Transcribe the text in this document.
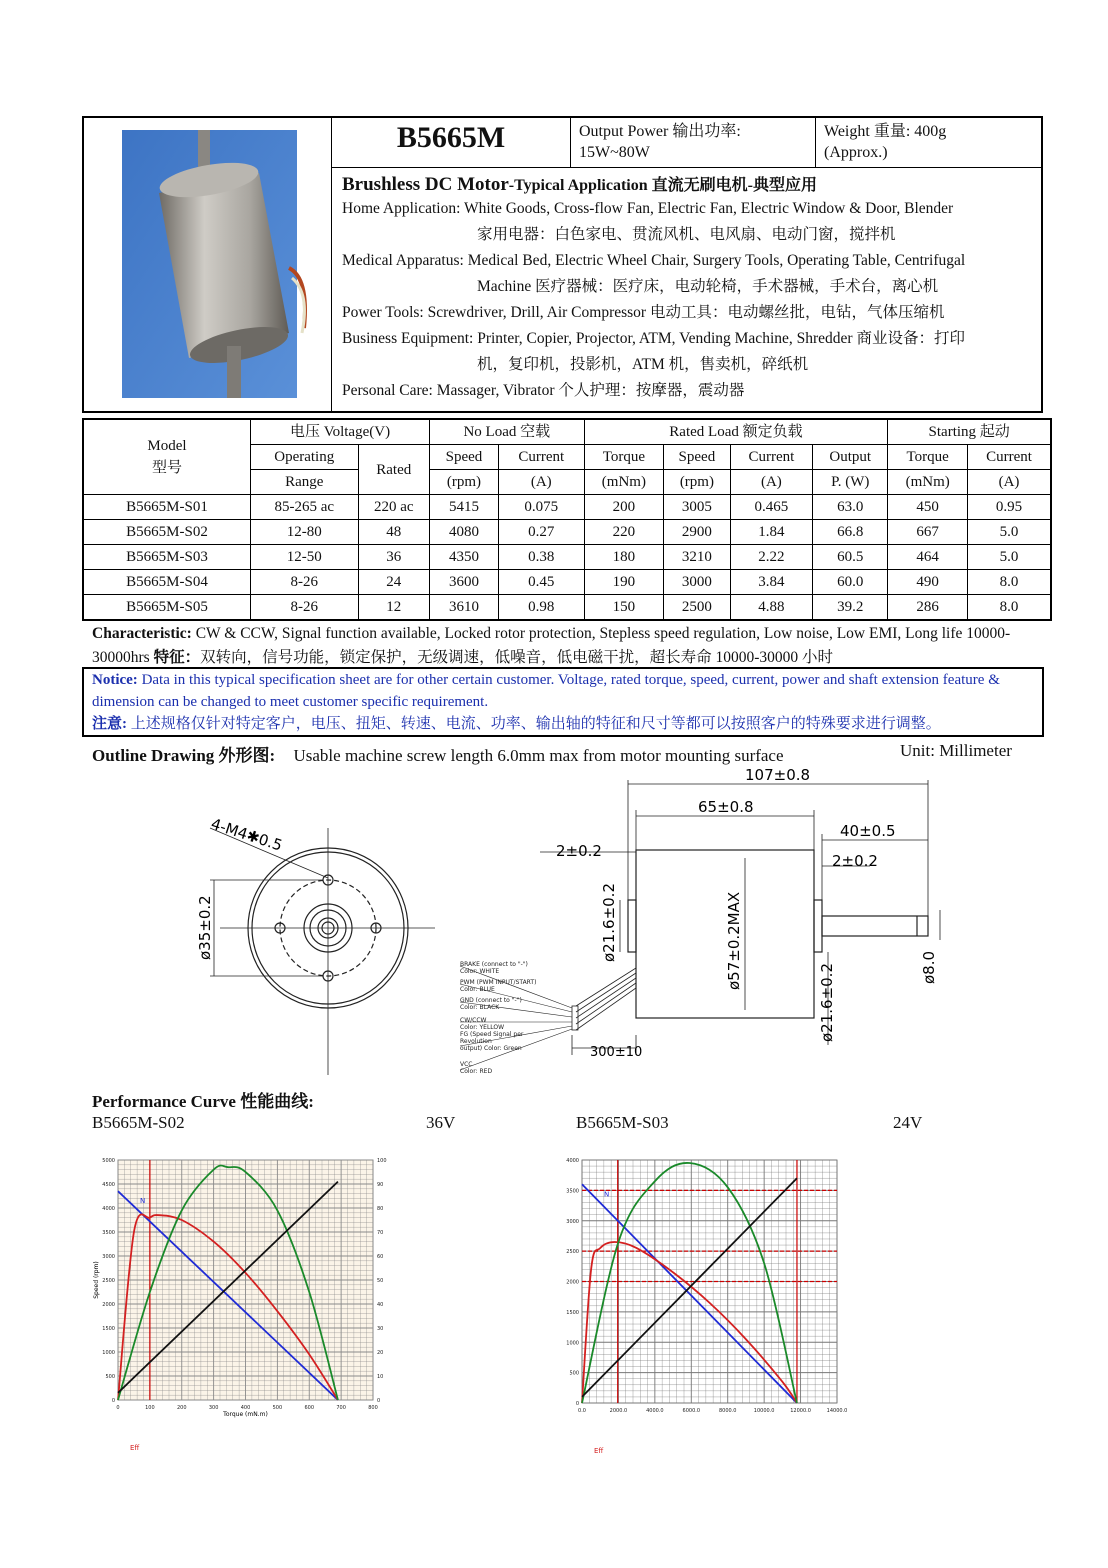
B5665M	Output Power 输出功率:
15W~80W

Weight 重量: 400g
(Approx.)

Brushless DC Motor-Typical Application 直流无刷电机-典型应用
Home Application: White Goods, Cross-flow Fan, Electric Fan, Electric Window & Door, Blender
家用电器：白色家电、贯流风机、电风扇、电动门窗，搅拌机
Medical Apparatus: Medical Bed, Electric Wheel Chair, Surgery Tools, Operating Table, Centrifugal
Machine 医疗器械：医疗床，电动轮椅，手术器械，手术台，离心机
Power Tools: Screwdriver, Drill, Air Compressor 电动工具：电动螺丝批，电钻，气体压缩机
Business Equipment: Printer, Copier, Projector, ATM, Vending Machine, Shredder 商业设备：打印
机，复印机，投影机，ATM 机，售卖机，碎纸机
Personal Care: Massager, Vibrator 个人护理：按摩器，震动器
Model
型号	电压 Voltage(V)		No Load 空载		Rated Load 额定负载				Starting 起动	
	Operating	Rated	Speed	Current	Torque	Speed	Current	Output	Torque	Current
	Range		(rpm)	(A)	(mNm)	(rpm)	(A)	P. (W)	(mNm)	(A)
B5665M-S01	85-265 ac	220 ac	5415	0.075	200	3005	0.465	63.0	450	0.95
B5665M-S02	12-80	48	4080	0.27	220	2900	1.84	66.8	667	5.0
B5665M-S03	12-50	36	4350	0.38	180	3210	2.22	60.5	464	5.0
B5665M-S04	8-26	24	3600	0.45	190	3000	3.84	60.0	490	8.0
B5665M-S05	8-26	12	3610	0.98	150	2500	4.88	39.2	286	8.0
Characteristic: CW & CCW, Signal function available, Locked rotor protection, Stepless speed regulation, Low noise, Low EMI, Long life 10000-30000hrs 特征：双转向，信号功能，锁定保护，无级调速，低噪音，低电磁干扰，超长寿命 10000-30000 小时
Notice: Data in this typical specification sheet are for other certain customer. Voltage, rated torque, speed, current, power and shaft extension feature & dimension can be changed to meet customer specific requirement.
注意: 上述规格仅针对特定客户，电压、扭矩、转速、电流、功率、输出轴的特征和尺寸等都可以按照客户的特殊要求进行调整。
Outline Drawing 外形图: Usable machine screw length 6.0mm max from motor mounting surface	Unit: Millimeter
4-M4✱0.5
ø35±0.2
107±0.8
65±0.8
40±0.5
2±0.2
2±0.2
ø21.6±0.2	ø57±0.2MAX
ø21.6±0.2	ø8.0
300±10
BRAKE (connect to "-")
Color: WHITE
PWM (PWM INPUT/START)
Color: BLUE
GND (connect to "-")
Color: BLACK
CW/CCW
Color: YELLOW
FG (Speed Signal per
Revolution
output) Color: Green
VCC
Color: RED
Performance Curve 性能曲线:
B5665M-S02	36V	B5665M-S03	24V
N
Eff
0	100	200	300	400	500	600	700	800
0	0
500	10
1000	20
1500	30
2000	40
2500	50
3000	60
3500	70
4000	80
4500	90
5000	100
Torque (mN.m)
Speed (rpm)
N
Eff
0.0	2000.0	4000.0	6000.0	8000.0	10000.0	12000.0	14000.0
0
500
1000
1500
2000
2500
3000
3500
4000
